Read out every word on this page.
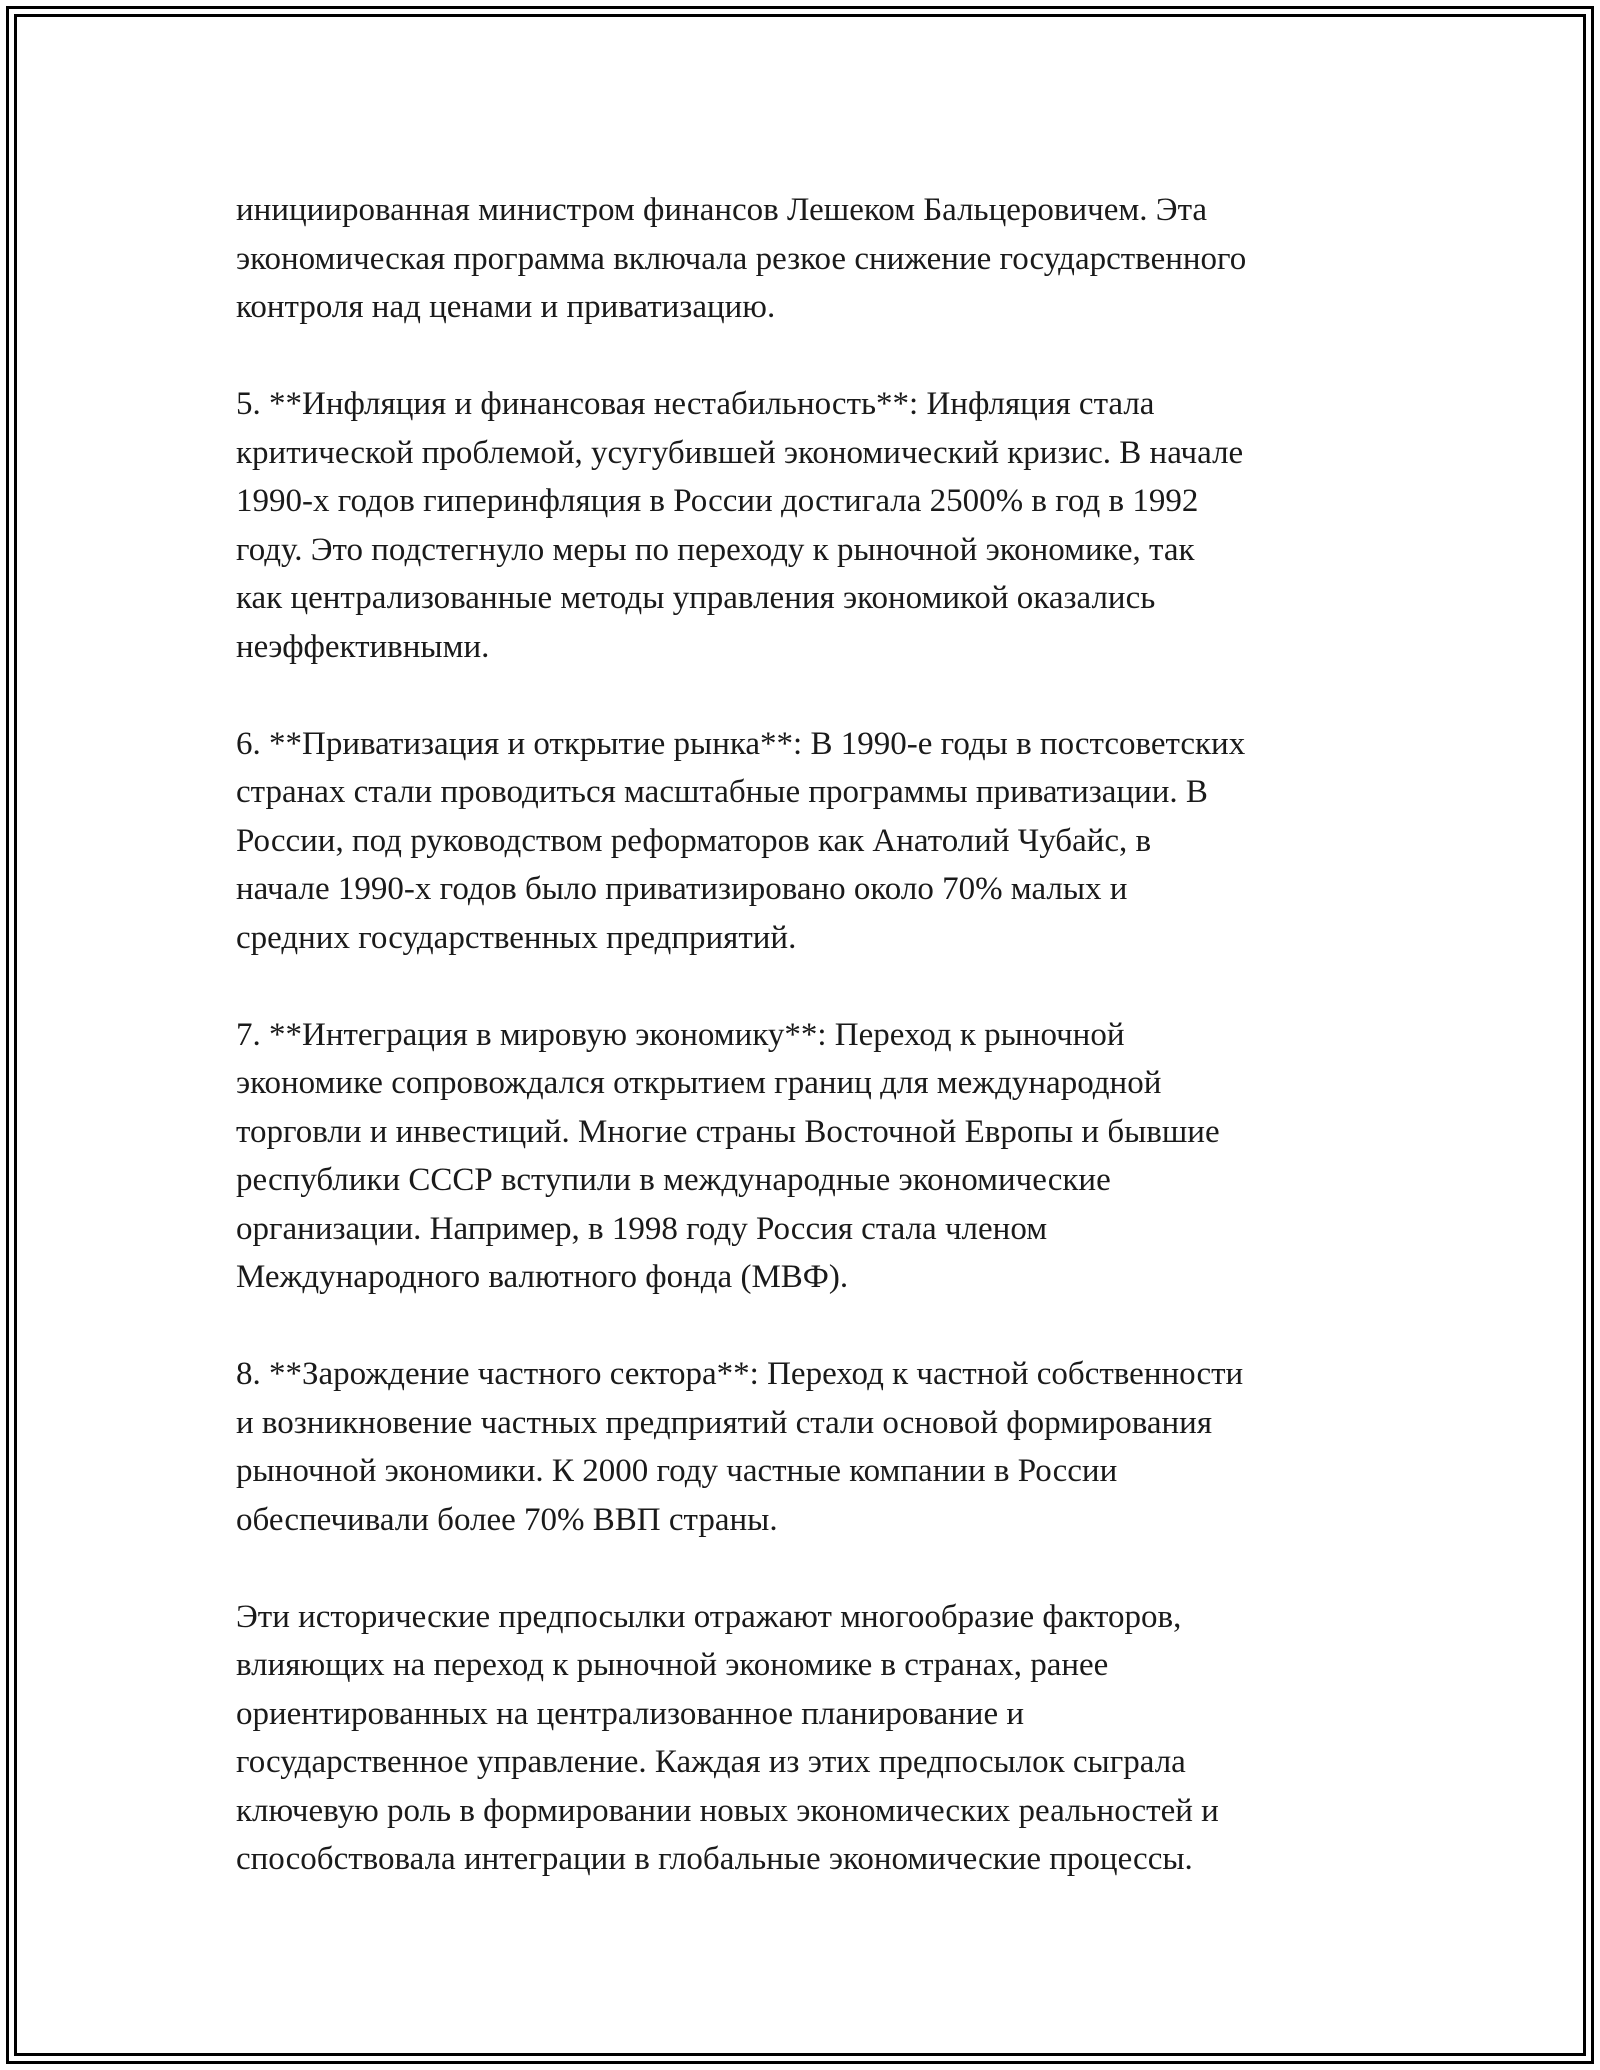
инициированная министром финансов Лешеком Бальцеровичем. Эта
экономическая программа включала резкое снижение государственного
контроля над ценами и приватизацию.

5. **Инфляция и финансовая нестабильность**: Инфляция стала
критической проблемой, усугубившей экономический кризис. В начале
1990-х годов гиперинфляция в России достигала 2500% в год в 1992
году. Это подстегнуло меры по переходу к рыночной экономике, так
как централизованные методы управления экономикой оказались
неэффективными.

6. **Приватизация и открытие рынка**: В 1990-е годы в постсоветских
странах стали проводиться масштабные программы приватизации. В
России, под руководством реформаторов как Анатолий Чубайс, в
начале 1990-х годов было приватизировано около 70% малых и
средних государственных предприятий.

7. **Интеграция в мировую экономику**: Переход к рыночной
экономике сопровождался открытием границ для международной
торговли и инвестиций. Многие страны Восточной Европы и бывшие
республики СССР вступили в международные экономические
организации. Например, в 1998 году Россия стала членом
Международного валютного фонда (МВФ).

8. **Зарождение частного сектора**: Переход к частной собственности
и возникновение частных предприятий стали основой формирования
рыночной экономики. К 2000 году частные компании в России
обеспечивали более 70% ВВП страны.

Эти исторические предпосылки отражают многообразие факторов,
влияющих на переход к рыночной экономике в странах, ранее
ориентированных на централизованное планирование и
государственное управление. Каждая из этих предпосылок сыграла
ключевую роль в формировании новых экономических реальностей и
способствовала интеграции в глобальные экономические процессы.
